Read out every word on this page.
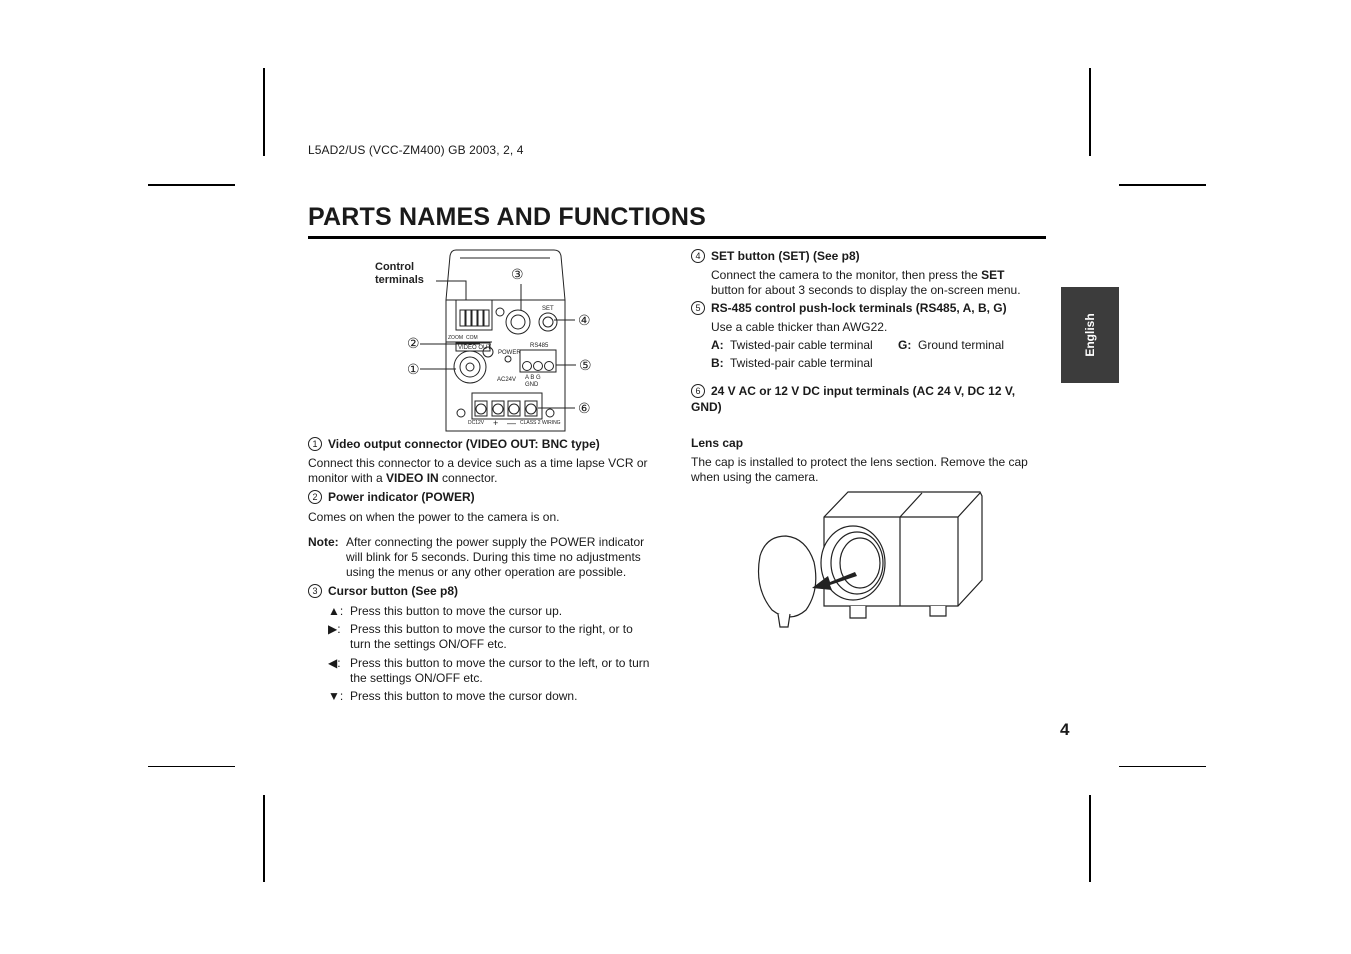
L5AD2/US (VCC-ZM400) GB 2003, 2, 4
PARTS NAMES AND FUNCTIONS
English
4
SET
VIDEO OUT
POWER
RS485
A B G
GND
AC24V
DC12V	CLASS 2 WIRING
ZOOM COM
+ —
Control
terminals	③
②
①
④
⑤
⑥
1 Video output connector (VIDEO OUT: BNC type)
Connect this connector to a device such as a time lapse VCR or monitor with a VIDEO IN connector.
2 Power indicator (POWER)
Comes on when the power to the camera is on.
Note: After connecting the power supply the POWER indicator will blink for 5 seconds. During this time no adjustments using the menus or any other operation are possible.
3 Cursor button (See p8)
▲: Press this button to move the cursor up.
▶: Press this button to move the cursor to the right, or to turn the settings ON/OFF etc.
◀: Press this button to move the cursor to the left, or to turn the settings ON/OFF etc.
▼: Press this button to move the cursor down.
4 SET button (SET) (See p8)
Connect the camera to the monitor, then press the SET button for about 3 seconds to display the on-screen menu.
5 RS-485 control push-lock terminals (RS485, A, B, G)
Use a cable thicker than AWG22.
A: Twisted-pair cable terminal G: Ground terminal
B: Twisted-pair cable terminal
6 24 V AC or 12 V DC input terminals (AC 24 V, DC 12 V, GND)
Lens cap
The cap is installed to protect the lens section. Remove the cap when using the camera.
